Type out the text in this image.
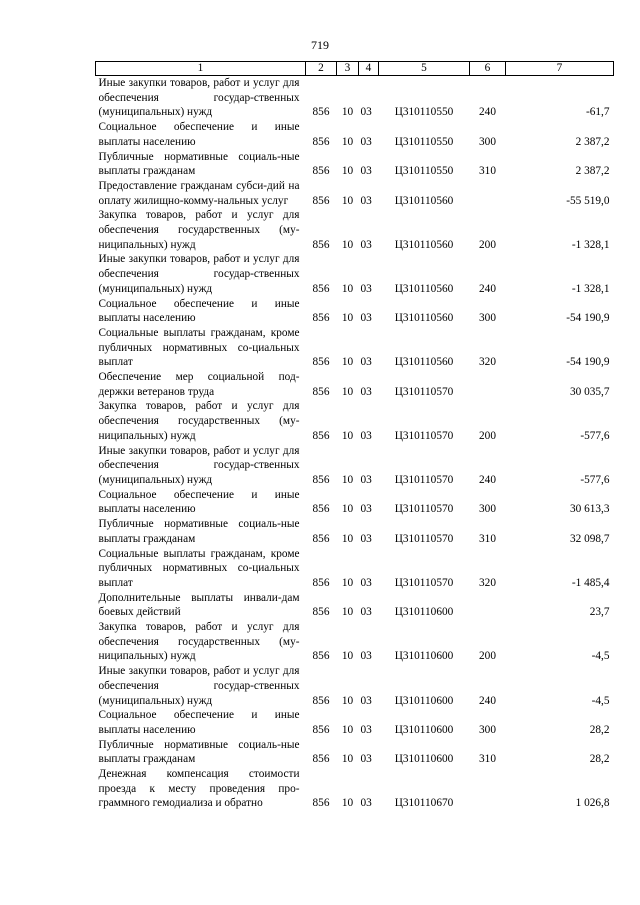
719
1	2	3	4	5	6	7
Иные закупки товаров, работ и услуг для обеспечения государ-ственных (муниципальных) нужд	856	10	03	Ц310110550	240	-61,7
Социальное обеспечение и иные выплаты населению	856	10	03	Ц310110550	300	2 387,2
Публичные нормативные социаль-ные выплаты гражданам	856	10	03	Ц310110550	310	2 387,2
Предоставление гражданам субси-дий на оплату жилищно-комму-нальных услуг	856	10	03	Ц310110560		-55 519,0
Закупка товаров, работ и услуг для обеспечения государственных (му-ниципальных) нужд	856	10	03	Ц310110560	200	-1 328,1
Иные закупки товаров, работ и услуг для обеспечения государ-ственных (муниципальных) нужд	856	10	03	Ц310110560	240	-1 328,1
Социальное обеспечение и иные выплаты населению	856	10	03	Ц310110560	300	-54 190,9
Социальные выплаты гражданам, кроме публичных нормативных со-циальных выплат	856	10	03	Ц310110560	320	-54 190,9
Обеспечение мер социальной под-держки ветеранов труда	856	10	03	Ц310110570		30 035,7
Закупка товаров, работ и услуг для обеспечения государственных (му-ниципальных) нужд	856	10	03	Ц310110570	200	-577,6
Иные закупки товаров, работ и услуг для обеспечения государ-ственных (муниципальных) нужд	856	10	03	Ц310110570	240	-577,6
Социальное обеспечение и иные выплаты населению	856	10	03	Ц310110570	300	30 613,3
Публичные нормативные социаль-ные выплаты гражданам	856	10	03	Ц310110570	310	32 098,7
Социальные выплаты гражданам, кроме публичных нормативных со-циальных выплат	856	10	03	Ц310110570	320	-1 485,4
Дополнительные выплаты инвали-дам боевых действий	856	10	03	Ц310110600		23,7
Закупка товаров, работ и услуг для обеспечения государственных (му-ниципальных) нужд	856	10	03	Ц310110600	200	-4,5
Иные закупки товаров, работ и услуг для обеспечения государ-ственных (муниципальных) нужд	856	10	03	Ц310110600	240	-4,5
Социальное обеспечение и иные выплаты населению	856	10	03	Ц310110600	300	28,2
Публичные нормативные социаль-ные выплаты гражданам	856	10	03	Ц310110600	310	28,2
Денежная компенсация стоимости проезда к месту проведения про-граммного гемодиализа и обратно	856	10	03	Ц310110670		1 026,8
